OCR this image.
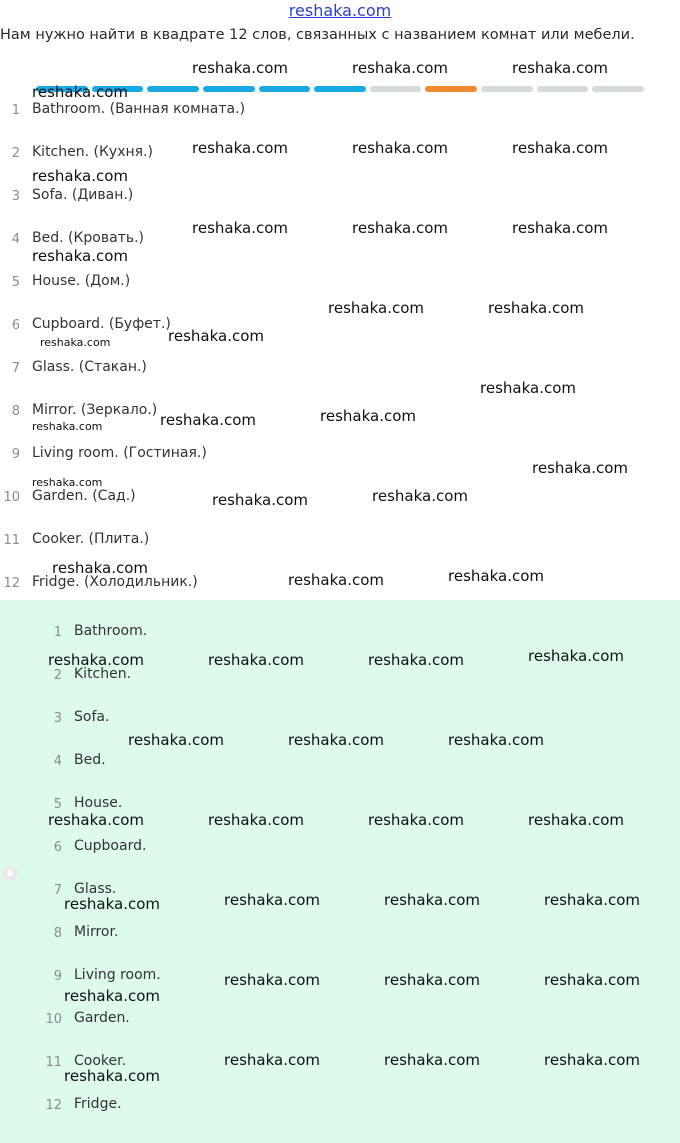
reshaka.com
Нам нужно найти в квадрате 12 слов, связанных с названием комнат или мебели.
1 Bathroom. (Ванная комната.)
2 Kitchen. (Кухня.)
3 Sofa. (Диван.)
4 Bed. (Кровать.)
5 House. (Дом.)
6 Cupboard. (Буфет.)
7 Glass. (Стакан.)
8 Mirror. (Зеркало.)
9 Living room. (Гостиная.)
10 Garden. (Сад.)
11 Cooker. (Плита.)
12 Fridge. (Холодильник.)
1 Bathroom.
2 Kitchen.
3 Sofa.
4 Bed.
5 House.
6 Cupboard.
7 Glass.
8 Mirror.
9 Living room.
10 Garden.
11 Cooker.
12 Fridge.
reshaka.com	reshaka.com	reshaka.com
reshaka.com
reshaka.com	reshaka.com	reshaka.com
reshaka.com
reshaka.com	reshaka.com	reshaka.com
reshaka.com
reshaka.com	reshaka.com
reshaka.com
reshaka.com
reshaka.com
reshaka.com
reshaka.com
reshaka.com
reshaka.com
reshaka.com
reshaka.com
reshaka.com
reshaka.com	reshaka.com
reshaka.com
reshaka.com
reshaka.com	reshaka.com	reshaka.com
reshaka.com	reshaka.com	reshaka.com
reshaka.com	reshaka.com	reshaka.com	reshaka.com
reshaka.com	reshaka.com	reshaka.com
reshaka.com
reshaka.com	reshaka.com	reshaka.com
reshaka.com
reshaka.com	reshaka.com	reshaka.com
reshaka.com
